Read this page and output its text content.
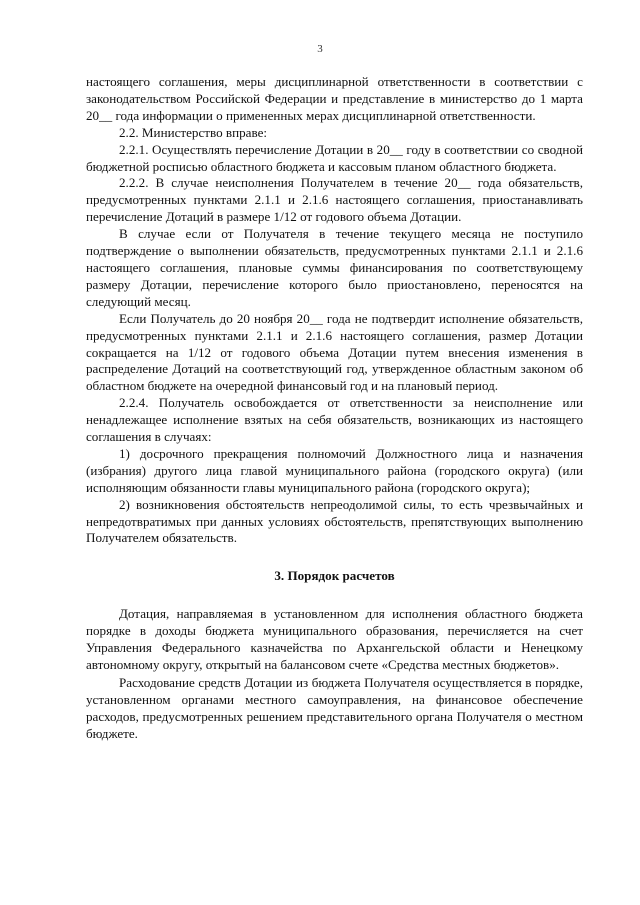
3

настоящего соглашения, меры дисциплинарной ответственности в соответствии с законодательством Российской Федерации и представление в министерство до 1 марта 20__ года информации о примененных мерах дисциплинарной ответственности.

2.2. Министерство вправе:

2.2.1. Осуществлять перечисление Дотации в 20__ году в соответствии со сводной бюджетной росписью областного бюджета и кассовым планом областного бюджета.

2.2.2. В случае неисполнения Получателем в течение 20__ года обязательств, предусмотренных пунктами 2.1.1 и 2.1.6 настоящего соглашения, приостанавливать перечисление Дотаций в размере 1/12 от годового объема Дотации.

В случае если от Получателя в течение текущего месяца не поступило подтверждение о выполнении обязательств, предусмотренных пунктами 2.1.1 и 2.1.6 настоящего соглашения, плановые суммы финансирования по соответствующему размеру Дотации, перечисление которого было приостановлено, переносятся на следующий месяц.

Если Получатель до 20 ноября 20__ года не подтвердит исполнение обязательств, предусмотренных пунктами 2.1.1 и 2.1.6 настоящего соглашения, размер Дотации сокращается на 1/12 от годового объема Дотации путем внесения изменения в распределение Дотаций на соответствующий год, утвержденное областным законом об областном бюджете на очередной финансовый год и на плановый период.

2.2.4. Получатель освобождается от ответственности за неисполнение или ненадлежащее исполнение взятых на себя обязательств, возникающих из настоящего соглашения в случаях:

1) досрочного прекращения полномочий Должностного лица и назначения (избрания) другого лица главой муниципального района (городского округа) (или исполняющим обязанности главы муниципального района (городского округа);

2) возникновения обстоятельств непреодолимой силы, то есть чрезвычайных и непредотвратимых при данных условиях обстоятельств, препятствующих выполнению Получателем обязательств.

3. Порядок расчетов

Дотация, направляемая в установленном для исполнения областного бюджета порядке в доходы бюджета муниципального образования, перечисляется на счет Управления Федерального казначейства по Архангельской области и Ненецкому автономному округу, открытый на балансовом счете «Средства местных бюджетов».

Расходование средств Дотации из бюджета Получателя осуществляется в порядке, установленном органами местного самоуправления, на финансовое обеспечение расходов, предусмотренных решением представительного органа Получателя о местном бюджете.
